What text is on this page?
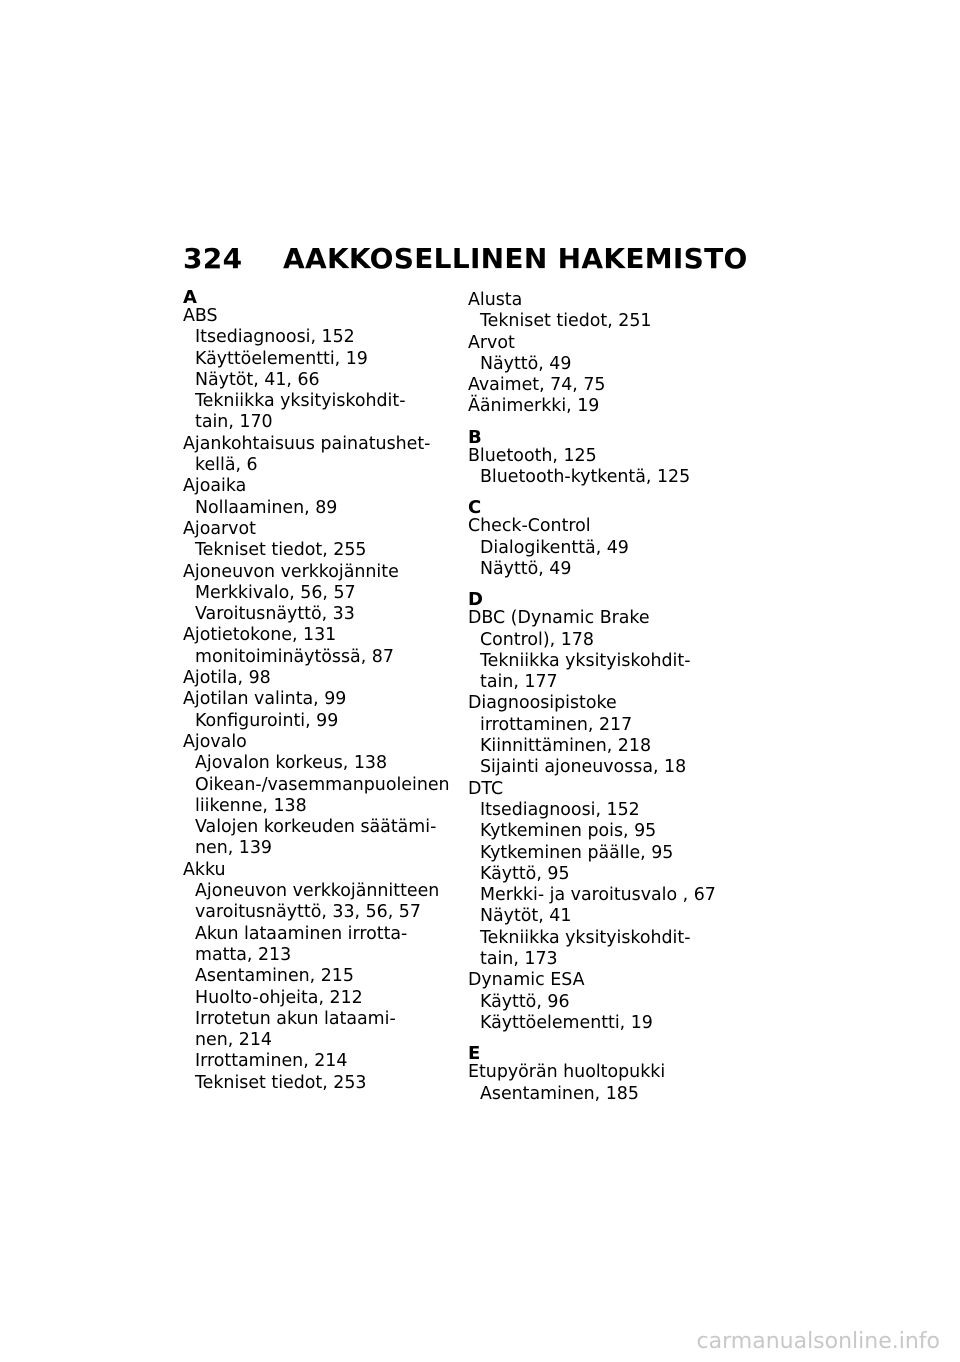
324 AAKKOSELLINEN HAKEMISTO
A
ABS
Itsediagnoosi, 152
Käyttöelementti, 19
Näytöt, 41, 66
Tekniikka yksityiskohdit-
tain, 170
Ajankohtaisuus painatushet-
kellä, 6
Ajoaika
Nollaaminen, 89
Ajoarvot
Tekniset tiedot, 255
Ajoneuvon verkkojännite
Merkkivalo, 56, 57
Varoitusnäyttö, 33
Ajotietokone, 131
monitoiminäytössä, 87
Ajotila, 98
Ajotilan valinta, 99
Konfigurointi, 99
Ajovalo
Ajovalon korkeus, 138
Oikean-/vasemmanpuoleinen
liikenne, 138
Valojen korkeuden säätämi-
nen, 139
Akku
Ajoneuvon verkkojännitteen
varoitusnäyttö, 33, 56, 57
Akun lataaminen irrotta-
matta, 213
Asentaminen, 215
Huolto-ohjeita, 212
Irrotetun akun lataami-
nen, 214
Irrottaminen, 214
Tekniset tiedot, 253
Alusta
Tekniset tiedot, 251
Arvot
Näyttö, 49
Avaimet, 74, 75
Äänimerkki, 19
B
Bluetooth, 125
Bluetooth-kytkentä, 125
C
Check-Control
Dialogikenttä, 49
Näyttö, 49
D
DBC (Dynamic Brake
Control), 178
Tekniikka yksityiskohdit-
tain, 177
Diagnoosipistoke
irrottaminen, 217
Kiinnittäminen, 218
Sijainti ajoneuvossa, 18
DTC
Itsediagnoosi, 152
Kytkeminen pois, 95
Kytkeminen päälle, 95
Käyttö, 95
Merkki- ja varoitusvalo , 67
Näytöt, 41
Tekniikka yksityiskohdit-
tain, 173
Dynamic ESA
Käyttö, 96
Käyttöelementti, 19
E
Etupyörän huoltopukki
Asentaminen, 185
carmanualsonline.info
